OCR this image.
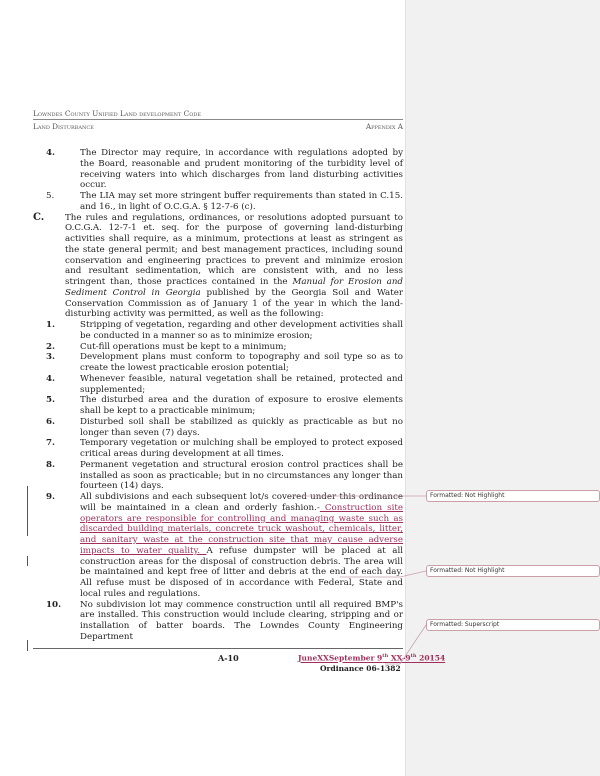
Lowndes County Unified Land development Code
Land Disturbance	Appendix A
4.	The Director may require, in accordance with regulations adopted by the Board, reasonable and prudent monitoring of the turbidity level of receiving waters into which discharges from land disturbing activities occur.
5.	The LIA may set more stringent buffer requirements than stated in C.15. and 16., in light of O.C.G.A. § 12-7-6 (c).
C. The rules and regulations, ordinances, or resolutions adopted pursuant to O.C.G.A. 12-7-1 et. seq. for the purpose of governing land-disturbing activities shall require, as a minimum, protections at least as stringent as the state general permit; and best management practices, including sound conservation and engineering practices to prevent and minimize erosion and resultant sedimentation, which are consistent with, and no less stringent than, those practices contained in the Manual for Erosion and Sediment Control in Georgia published by the Georgia Soil and Water Conservation Commission as of January 1 of the year in which the land-disturbing activity was permitted, as well as the following:
1.	Stripping of vegetation, regarding and other development activities shall be conducted in a manner so as to minimize erosion;
2.	Cut-fill operations must be kept to a minimum;
3.	Development plans must conform to topography and soil type so as to create the lowest practicable erosion potential;
4.	Whenever feasible, natural vegetation shall be retained, protected and supplemented;
5.	The disturbed area and the duration of exposure to erosive elements shall be kept to a practicable minimum;
6.	Disturbed soil shall be stabilized as quickly as practicable as but no longer than seven (7) days.
7.	Temporary vegetation or mulching shall be employed to protect exposed critical areas during development at all times.
8.	Permanent vegetation and structural erosion control practices shall be installed as soon as practicable; but in no circumstances any longer than fourteen (14) days.
9.	All subdivisions and each subsequent lot/s covered under this ordinance will be maintained in a clean and orderly fashion.- Construction site operators are responsible for controlling and managing waste such as discarded building materials, concrete truck washout, chemicals, litter, and sanitary waste at the construction site that may cause adverse impacts to water quality. A refuse dumpster will be placed at all construction areas for the disposal of construction debris. The area will be maintained and kept free of litter and debris at the end of each day. All refuse must be disposed of in accordance with Federal, State and local rules and regulations.
10. No subdivision lot may commence construction until all required BMP's are installed. This construction would include clearing, stripping and or installation of batter boards. The Lowndes County Engineering Department
A-10	JuneXXSeptember 9th XX-9th 20154
Ordinance 06-1382
Formatted: Not Highlight
Formatted: Not Highlight
Formatted: Superscript
